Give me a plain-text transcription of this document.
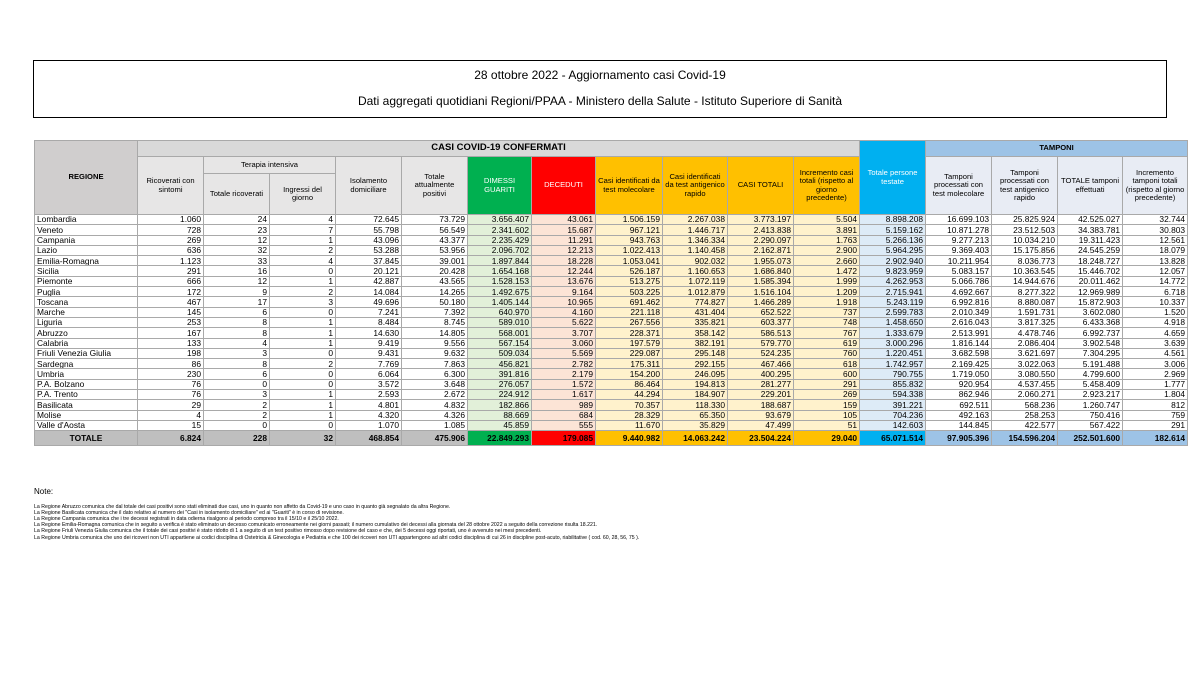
28 ottobre 2022 - Aggiornamento casi Covid-19
Dati aggregati quotidiani Regioni/PPAA - Ministero della Salute - Istituto Superiore di Sanità
REGIONE	CASI COVID-19 CONFERMATI											Totale persone testate	TAMPONI			
	Ricoverati con sintomi	Terapia intensiva		Isolamento domiciliare	Totale attualmente positivi	DIMESSI GUARITI	DECEDUTI	Casi identificati da test molecolare	Casi identificati da test antigenico rapido	CASI TOTALI	Incremento casi totali (rispetto al giorno precedente)		Tamponi processati con test molecolare	Tamponi processati con test antigenico rapido	TOTALE tamponi effettuati	Incremento tamponi totali (rispetto al giorno precedente)
		Totale ricoverati	Ingressi del giorno													
Lombardia	1.060	24	4	72.645	73.729	3.656.407	43.061	1.506.159	2.267.038	3.773.197	5.504	8.898.208	16.699.103	25.825.924	42.525.027	32.744
Veneto	728	23	7	55.798	56.549	2.341.602	15.687	967.121	1.446.717	2.413.838	3.891	5.159.162	10.871.278	23.512.503	34.383.781	30.803
Campania	269	12	1	43.096	43.377	2.235.429	11.291	943.763	1.346.334	2.290.097	1.763	5.266.136	9.277.213	10.034.210	19.311.423	12.561
Lazio	636	32	2	53.288	53.956	2.096.702	12.213	1.022.413	1.140.458	2.162.871	2.900	5.964.295	9.369.403	15.175.856	24.545.259	18.079
Emilia-Romagna	1.123	33	4	37.845	39.001	1.897.844	18.228	1.053.041	902.032	1.955.073	2.660	2.902.940	10.211.954	8.036.773	18.248.727	13.828
Sicilia	291	16	0	20.121	20.428	1.654.168	12.244	526.187	1.160.653	1.686.840	1.472	9.823.959	5.083.157	10.363.545	15.446.702	12.057
Piemonte	666	12	1	42.887	43.565	1.528.153	13.676	513.275	1.072.119	1.585.394	1.999	4.262.953	5.066.786	14.944.676	20.011.462	14.772
Puglia	172	9	2	14.084	14.265	1.492.675	9.164	503.225	1.012.879	1.516.104	1.209	2.715.941	4.692.667	8.277.322	12.969.989	6.718
Toscana	467	17	3	49.696	50.180	1.405.144	10.965	691.462	774.827	1.466.289	1.918	5.243.119	6.992.816	8.880.087	15.872.903	10.337
Marche	145	6	0	7.241	7.392	640.970	4.160	221.118	431.404	652.522	737	2.599.783	2.010.349	1.591.731	3.602.080	1.520
Liguria	253	8	1	8.484	8.745	589.010	5.622	267.556	335.821	603.377	748	1.458.650	2.616.043	3.817.325	6.433.368	4.918
Abruzzo	167	8	1	14.630	14.805	568.001	3.707	228.371	358.142	586.513	767	1.333.679	2.513.991	4.478.746	6.992.737	4.659
Calabria	133	4	1	9.419	9.556	567.154	3.060	197.579	382.191	579.770	619	3.000.296	1.816.144	2.086.404	3.902.548	3.639
Friuli Venezia Giulia	198	3	0	9.431	9.632	509.034	5.569	229.087	295.148	524.235	760	1.220.451	3.682.598	3.621.697	7.304.295	4.561
Sardegna	86	8	2	7.769	7.863	456.821	2.782	175.311	292.155	467.466	618	1.742.957	2.169.425	3.022.063	5.191.488	3.006
Umbria	230	6	0	6.064	6.300	391.816	2.179	154.200	246.095	400.295	600	790.755	1.719.050	3.080.550	4.799.600	2.969
P.A. Bolzano	76	0	0	3.572	3.648	276.057	1.572	86.464	194.813	281.277	291	855.832	920.954	4.537.455	5.458.409	1.777
P.A. Trento	76	3	1	2.593	2.672	224.912	1.617	44.294	184.907	229.201	269	594.338	862.946	2.060.271	2.923.217	1.804
Basilicata	29	2	1	4.801	4.832	182.866	989	70.357	118.330	188.687	159	391.221	692.511	568.236	1.260.747	812
Molise	4	2	1	4.320	4.326	88.669	684	28.329	65.350	93.679	105	704.236	492.163	258.253	750.416	759
Valle d'Aosta	15	0	0	1.070	1.085	45.859	555	11.670	35.829	47.499	51	142.603	144.845	422.577	567.422	291
TOTALE	6.824	228	32	468.854	475.906	22.849.293	179.085	9.440.982	14.063.242	23.504.224	29.040	65.071.514	97.905.396	154.596.204	252.501.600	182.614
Note:
La Regione Abruzzo comunica che dal totale dei casi positivi sono stati eliminati due casi, uno in quanto non affetto da Covid-19 e uno caso in quanto già segnalato da altra Regione.
La Regione Basilicata comunica che il dato relativo al numero dei "Casi in isolamento domiciliare" ed ai "Guariti" è in corso di revisione.
La Regione Campania comunica che i tre decessi registrati in data odierna risalgono al periodo compreso tra il 15/10 e il 25/10 2022.
La Regione Emilia-Romagna comunica che in seguito a verifica è stato eliminato un decesso comunicato erroneamente nei giorni passati; il numero cumulativo dei decessi alla giornata del 28 ottobre 2022 a seguito della correzione risulta 18.221.
La Regione Friuli Venezia Giulia comunica che il totale dei casi positivi è stato ridotto di 1 a seguito di un test positivo rimosso dopo revisione del caso e che, dei 5 decessi oggi riportati, uno è avvenuto nei mesi precedenti.
La Regione Umbria comunica che uno dei ricoveri non UTI appartiene ai codici disciplina di Ostetricia & Ginecologia e Pediatria e che 100 dei ricoveri non UTI appartengono ad altri codici disciplina di cui 26 in discipline post-acuto, riabilitative ( cod. 60, 28, 56, 75 ).
